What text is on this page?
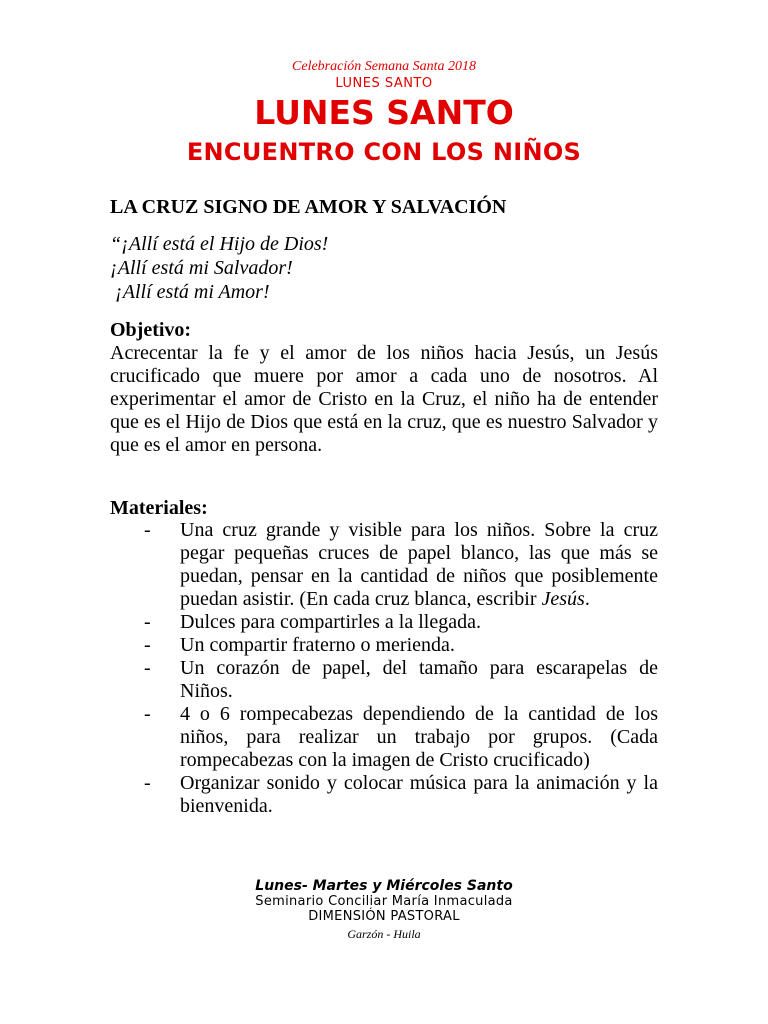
Celebración Semana Santa 2018
LUNES SANTO
LUNES SANTO
ENCUENTRO CON LOS NIÑOS
LA CRUZ SIGNO DE AMOR Y SALVACIÓN
“¡Allí está el Hijo de Dios!
¡Allí está mi Salvador!
¡Allí está mi Amor!
Objetivo:
Acrecentar la fe y el amor de los niños hacia Jesús, un Jesús crucificado que muere por amor a cada uno de nosotros. Al experimentar el amor de Cristo en la Cruz, el niño ha de entender que es el Hijo de Dios que está en la cruz, que es nuestro Salvador y que es el amor en persona.
Materiales:
- Una cruz grande y visible para los niños. Sobre la cruz pegar pequeñas cruces de papel blanco, las que más se puedan, pensar en la cantidad de niños que posiblemente puedan asistir. (En cada cruz blanca, escribir Jesús.
- Dulces para compartirles a la llegada.
- Un compartir fraterno o merienda.
- Un corazón de papel, del tamaño para escarapelas de Niños.
- 4 o 6 rompecabezas dependiendo de la cantidad de los niños, para realizar un trabajo por grupos. (Cada rompecabezas con la imagen de Cristo crucificado)
- Organizar sonido y colocar música para la animación y la bienvenida.
Lunes- Martes y Miércoles Santo
Seminario Conciliar María Inmaculada
DIMENSIÓN PASTORAL
Garzón - Huila
